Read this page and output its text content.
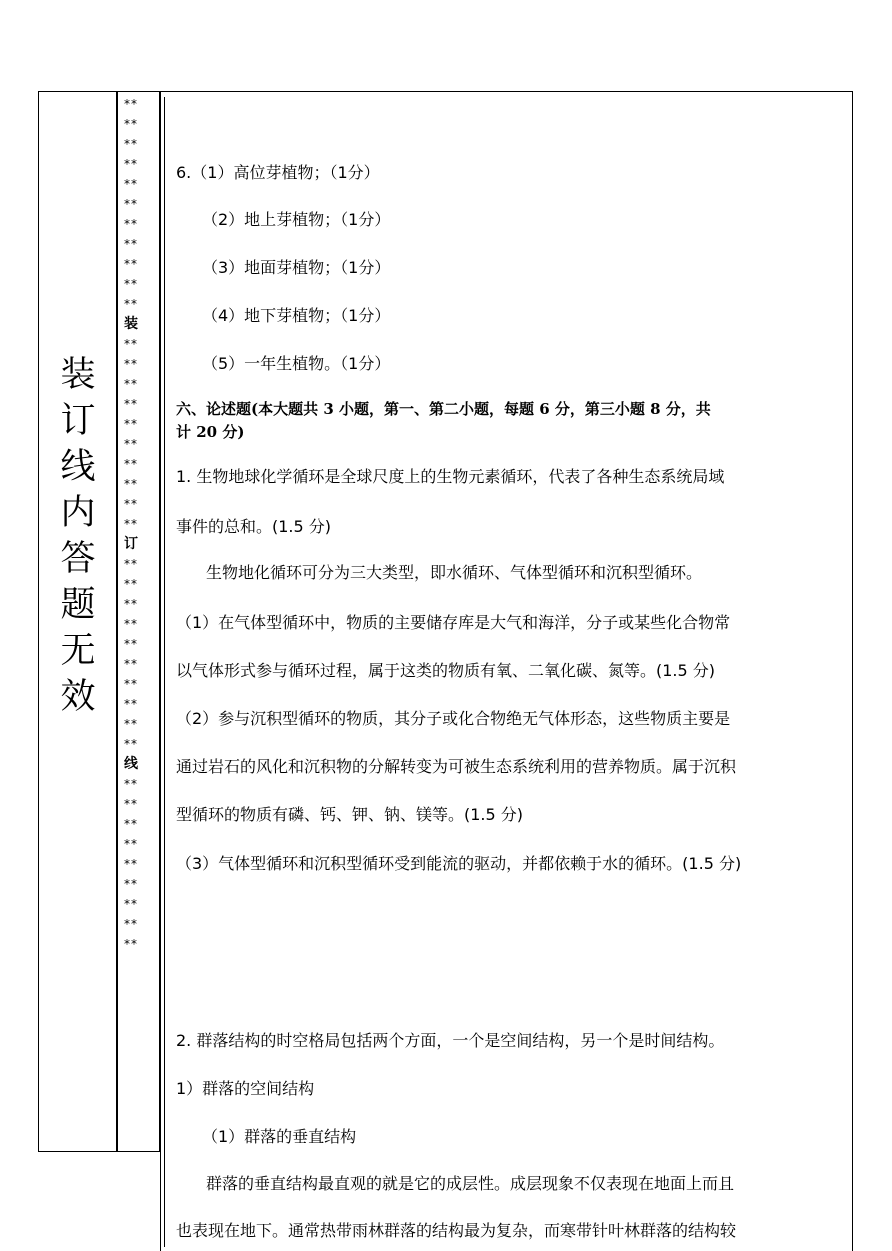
装
订
线
内
答
题
无
效
**
**
**
**
**
**
**
**
**
**
**
装
**
**
**
**
**
**
**
**
**
**
订
**
**
**
**
**
**
**
**
**
**
线
**
**
**
**
**
**
**
**
**
6.（1）高位芽植物；（1分）
（2）地上芽植物；（1分）
（3）地面芽植物；（1分）
（4）地下芽植物；（1分）
（5）一年生植物。（1分）
六、论述题(本大题共 3 小题，第一、第二小题，每题 6 分，第三小题 8 分，共
计 20 分)
1. 生物地球化学循环是全球尺度上的生物元素循环，代表了各种生态系统局域
事件的总和。(1.5 分)
生物地化循环可分为三大类型，即水循环、气体型循环和沉积型循环。
（1）在气体型循环中，物质的主要储存库是大气和海洋，分子或某些化合物常
以气体形式参与循环过程，属于这类的物质有氧、二氧化碳、氮等。(1.5 分)
（2）参与沉积型循环的物质，其分子或化合物绝无气体形态，这些物质主要是
通过岩石的风化和沉积物的分解转变为可被生态系统利用的营养物质。属于沉积
型循环的物质有磷、钙、钾、钠、镁等。(1.5 分)
（3）气体型循环和沉积型循环受到能流的驱动，并都依赖于水的循环。(1.5 分)
2. 群落结构的时空格局包括两个方面，一个是空间结构，另一个是时间结构。
1）群落的空间结构
（1）群落的垂直结构
群落的垂直结构最直观的就是它的成层性。成层现象不仅表现在地面上而且
也表现在地下。通常热带雨林群落的结构最为复杂，而寒带针叶林群落的结构较
